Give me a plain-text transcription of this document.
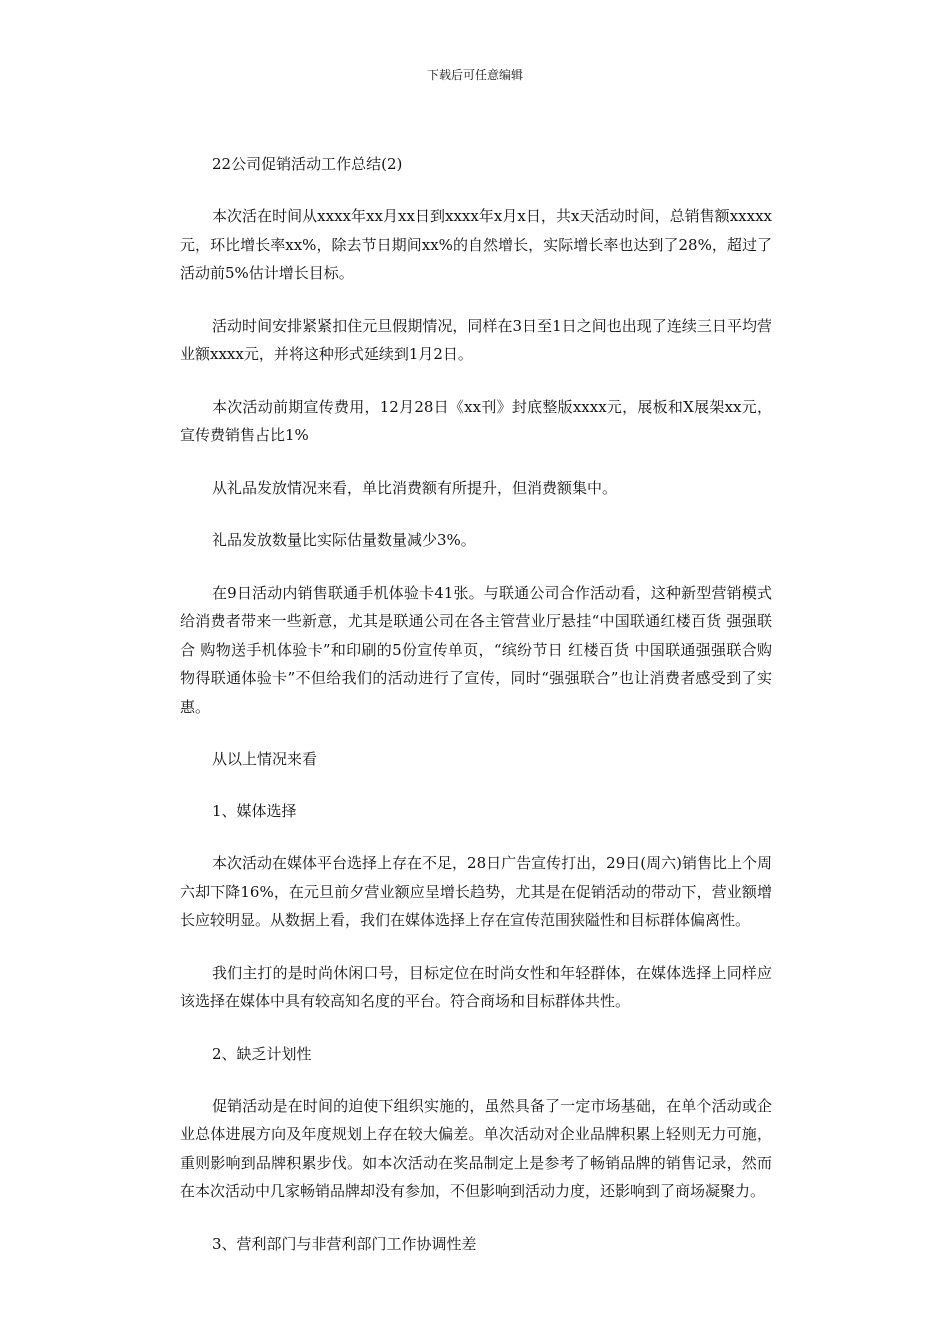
下载后可任意编辑
22公司促销活动工作总结(2)

本次活在时间从xxxx年xx月xx日到xxxx年x月x日，共x天活动时间，总销售额xxxxx元，环比增长率xx%，除去节日期间xx%的自然增长，实际增长率也达到了28%，超过了活动前5%估计增长目标。

活动时间安排紧紧扣住元旦假期情况，同样在3日至1日之间也出现了连续三日平均营业额xxxx元，并将这种形式延续到1月2日。

本次活动前期宣传费用，12月28日《xx刊》封底整版xxxx元，展板和X展架xx元，宣传费销售占比1%

从礼品发放情况来看，单比消费额有所提升，但消费额集中。

礼品发放数量比实际估量数量减少3%。

在9日活动内销售联通手机体验卡41张。与联通公司合作活动看，这种新型营销模式给消费者带来一些新意，尤其是联通公司在各主管营业厅悬挂“中国联通红楼百货 强强联合 购物送手机体验卡”和印刷的5份宣传单页，“缤纷节日 红楼百货 中国联通强强联合购物得联通体验卡”不但给我们的活动进行了宣传，同时“强强联合”也让消费者感受到了实惠。

从以上情况来看
1、媒体选择

本次活动在媒体平台选择上存在不足，28日广告宣传打出，29日(周六)销售比上个周六却下降16%，在元旦前夕营业额应呈增长趋势，尤其是在促销活动的带动下，营业额增长应较明显。从数据上看，我们在媒体选择上存在宣传范围狭隘性和目标群体偏离性。

我们主打的是时尚休闲口号，目标定位在时尚女性和年轻群体，在媒体选择上同样应该选择在媒体中具有较高知名度的平台。符合商场和目标群体共性。

2、缺乏计划性

促销活动是在时间的迫使下组织实施的，虽然具备了一定市场基础，在单个活动或企业总体进展方向及年度规划上存在较大偏差。单次活动对企业品牌积累上轻则无力可施，重则影响到品牌积累步伐。如本次活动在奖品制定上是参考了畅销品牌的销售记录，然而在本次活动中几家畅销品牌却没有参加，不但影响到活动力度，还影响到了商场凝聚力。

3、营利部门与非营利部门工作协调性差
